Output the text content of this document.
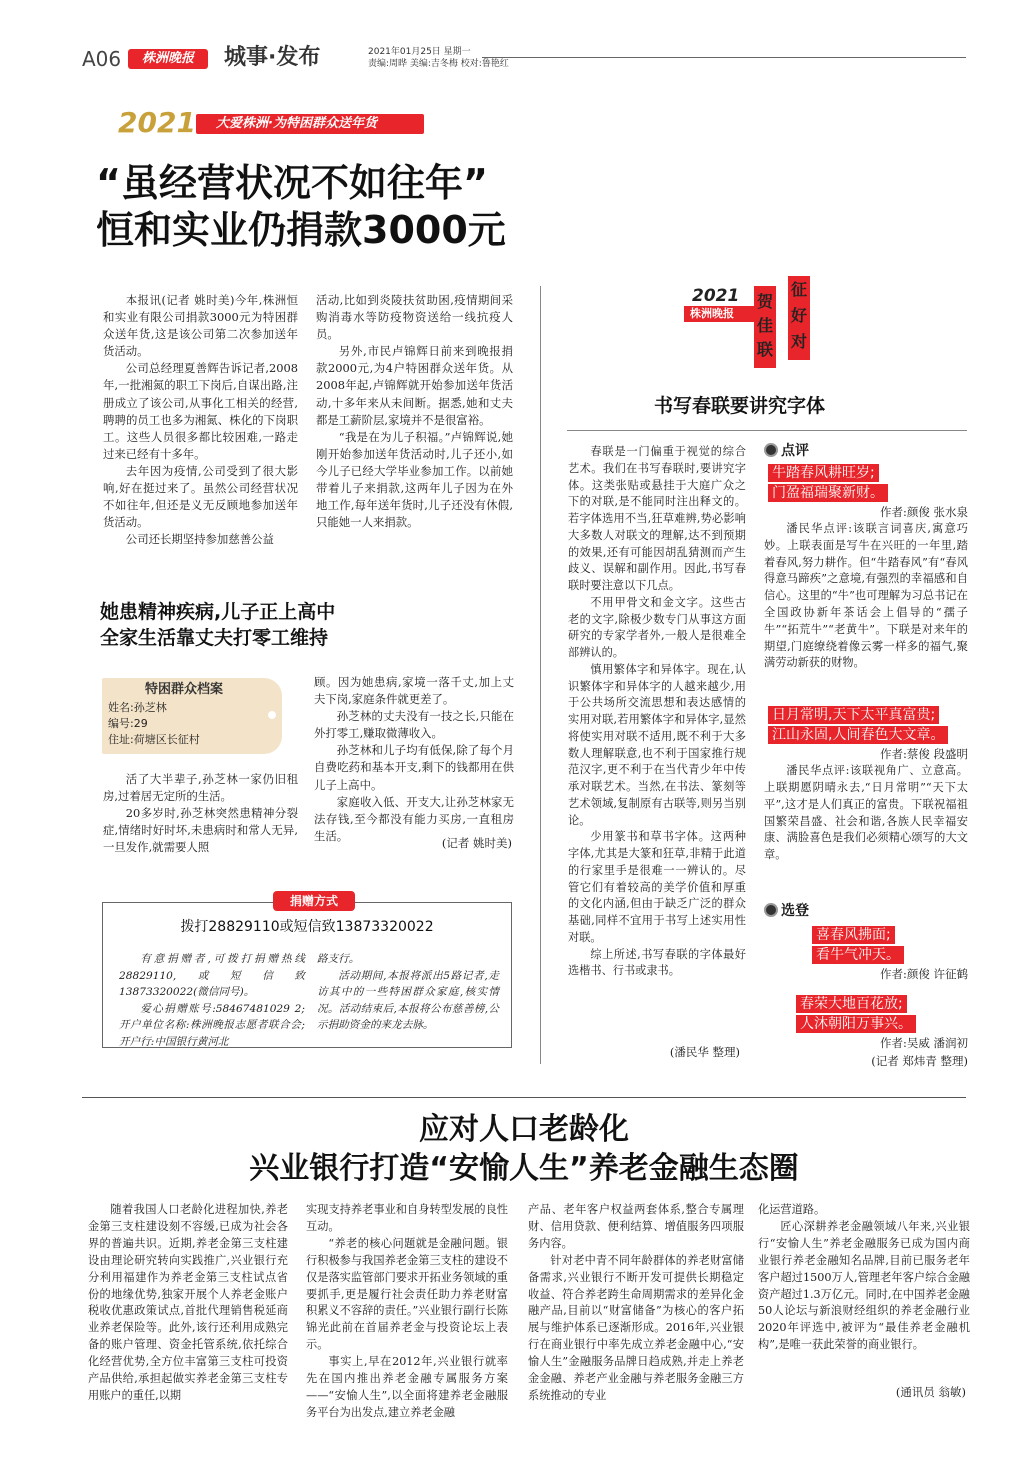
A06	株洲晚报	城事·发布	2021年01月25日 星期一
责编:周晔 美编:吉冬梅 校对:鲁艳红
2021 大爱株洲·为特困群众送年货
“虽经营状况不如往年”
恒和实业仍捐款3000元

本报讯(记者 姚时美)今年,株洲恒和实业有限公司捐款3000元为特困群众送年货,这是该公司第二次参加送年货活动。

公司总经理夏善辉告诉记者,2008年,一批湘氮的职工下岗后,自谋出路,注册成立了该公司,从事化工相关的经营,聘聘的员工也多为湘氮、株化的下岗职工。这些人员很多都比较困难,一路走过来已经有十多年。

去年因为疫情,公司受到了很大影响,好在挺过来了。虽然公司经营状况不如往年,但还是义无反顾地参加送年货活动。

公司还长期坚持参加慈善公益

活动,比如到炎陵扶贫助困,疫情期间采购消毒水等防疫物资送给一线抗疫人员。

另外,市民卢锦辉日前来到晚报捐款2000元,为4户特困群众送年货。从2008年起,卢锦辉就开始参加送年货活动,十多年来从未间断。据悉,她和丈夫都是工薪阶层,家境并不是很富裕。

“我是在为儿子积福。”卢锦辉说,她刚开始参加送年货活动时,儿子还小,如今儿子已经大学毕业参加工作。以前她带着儿子来捐款,这两年儿子因为在外地工作,每年送年货时,儿子还没有休假,只能她一人来捐款。

她患精神疾病,儿子正上高中
全家生活靠丈夫打零工维持
特困群众档案
姓名:孙芝林
编号:29
住址:荷塘区长征村

活了大半辈子,孙芝林一家仍旧租房,过着居无定所的生活。

20多岁时,孙芝林突然患精神分裂症,情绪时好时坏,未患病时和常人无异,一旦发作,就需要人照

顾。因为她患病,家境一落千丈,加上丈夫下岗,家庭条件就更差了。

孙芝林的丈夫没有一技之长,只能在外打零工,赚取微薄收入。

孙芝林和儿子均有低保,除了每个月自费吃药和基本开支,剩下的钱都用在供儿子上高中。

家庭收入低、开支大,让孙芝林家无法存钱,至今都没有能力买房,一直租房生活。

(记者 姚时美)
捐赠方式
拨打28829110或短信致13873320022

有意捐赠者,可拨打捐赠热线28829110,或短信致13873320022(微信同号)。

爱心捐赠账号:58467481029 2;开户单位名称:株洲晚报志愿者联合会;开户行:中国银行黄河北

路支行。

活动期间,本报将派出5路记者,走访其中的一些特困群众家庭,核实情况。活动结束后,本报将公布慈善榜,公示捐助资金的来龙去脉。

2021
株洲晚报
征
好
对
贺
佳
联
书写春联要讲究字体

春联是一门偏重于视觉的综合艺术。我们在书写春联时,要讲究字体。这类张贴或悬挂于大庭广众之下的对联,是不能同时注出释文的。若字体选用不当,狂草难辨,势必影响大多数人对联文的理解,达不到预期的效果,还有可能因胡乱猜测而产生歧义、误解和副作用。因此,书写春联时要注意以下几点。

不用甲骨文和金文字。这些古老的文字,除极少数专门从事这方面研究的专家学者外,一般人是很难全部辨认的。

慎用繁体字和异体字。现在,认识繁体字和异体字的人越来越少,用于公共场所交流思想和表达感情的实用对联,若用繁体字和异体字,显然将使实用对联不适用,既不利于大多数人理解联意,也不利于国家推行规范汉字,更不利于在当代青少年中传承对联艺术。当然,在书法、篆刻等艺术领域,复制原有古联等,则另当别论。

少用篆书和草书字体。这两种字体,尤其是大篆和狂草,非精于此道的行家里手是很难一一辨认的。尽管它们有着较高的美学价值和厚重的文化内涵,但由于缺乏广泛的群众基础,同样不宜用于书写上述实用性对联。

综上所述,书写春联的字体最好选楷书、行书或隶书。

(潘民华 整理)
点评
牛踏春风耕旺岁;
门盈福瑞聚新财。
作者:颜俊 张水泉

潘民华点评:该联言词喜庆,寓意巧妙。上联表面是写牛在兴旺的一年里,踏着春风,努力耕作。但“牛踏春风”有“春风得意马蹄疾”之意境,有强烈的幸福感和自信心。这里的“牛”也可理解为习总书记在全国政协新年茶话会上倡导的“孺子牛”“拓荒牛”“老黄牛”。下联是对来年的期望,门庭缭绕着像云雾一样多的福气,聚满劳动新获的财物。

日月常明,天下太平真富贵;
江山永固,人间春色大文章。
作者:蔡俊 段盛明

潘民华点评:该联视角广、立意高。上联期愿阴晴永去,“日月常明”“天下太平”,这才是人们真正的富贵。下联祝福祖国繁荣昌盛、社会和谐,各族人民幸福安康、满脸喜色是我们必须精心颂写的大文章。

选登
喜春风拂面;
看牛气冲天。
作者:颜俊 许征鹤
春荣大地百花放;
人沐朝阳万事兴。
作者:吴威 潘润初
(记者 郑炜青 整理)
应对人口老龄化
兴业银行打造“安愉人生”养老金融生态圈

随着我国人口老龄化进程加快,养老金第三支柱建设刻不容缓,已成为社会各界的普遍共识。近期,养老金第三支柱建设由理论研究转向实践推广,兴业银行充分利用福建作为养老金第三支柱试点省份的地缘优势,独家开展个人养老金账户税收优惠政策试点,首批代理销售税延商业养老保险等。此外,该行还利用成熟完备的账户管理、资金托管系统,依托综合化经营优势,全方位丰富第三支柱可投资产品供给,承担起做实养老金第三支柱专用账户的重任,以期

实现支持养老事业和自身转型发展的良性互动。

“养老的核心问题就是金融问题。银行积极参与我国养老金第三支柱的建设不仅是落实监管部门要求开拓业务领域的重要抓手,更是履行社会责任助力养老财富积累义不容辞的责任。”兴业银行副行长陈锦光此前在首届养老金与投资论坛上表示。

事实上,早在2012年,兴业银行就率先在国内推出养老金融专属服务方案——“安愉人生”,以全面将建养老金融服务平台为出发点,建立养老金融

产品、老年客户权益两套体系,整合专属理财、信用贷款、便利结算、增值服务四项服务内容。

针对老中青不同年龄群体的养老财富储备需求,兴业银行不断开发可提供长期稳定收益、符合养老跨生命周期需求的差异化金融产品,目前以“财富储备”为核心的客户拓展与维护体系已逐渐形成。2016年,兴业银行在商业银行中率先成立养老金融中心,“安愉人生”金融服务品牌日趋成熟,并走上养老金金融、养老产业金融与养老服务金融三方系统推动的专业

化运营道路。

匠心深耕养老金融领域八年来,兴业银行“安愉人生”养老金融服务已成为国内商业银行养老金融知名品牌,目前已服务老年客户超过1500万人,管理老年客户综合金融资产超过1.3万亿元。同时,在中国养老金融50人论坛与新浪财经组织的养老金融行业2020年评选中,被评为“最佳养老金融机构”,是唯一获此荣誉的商业银行。

(通讯员 翁敏)
